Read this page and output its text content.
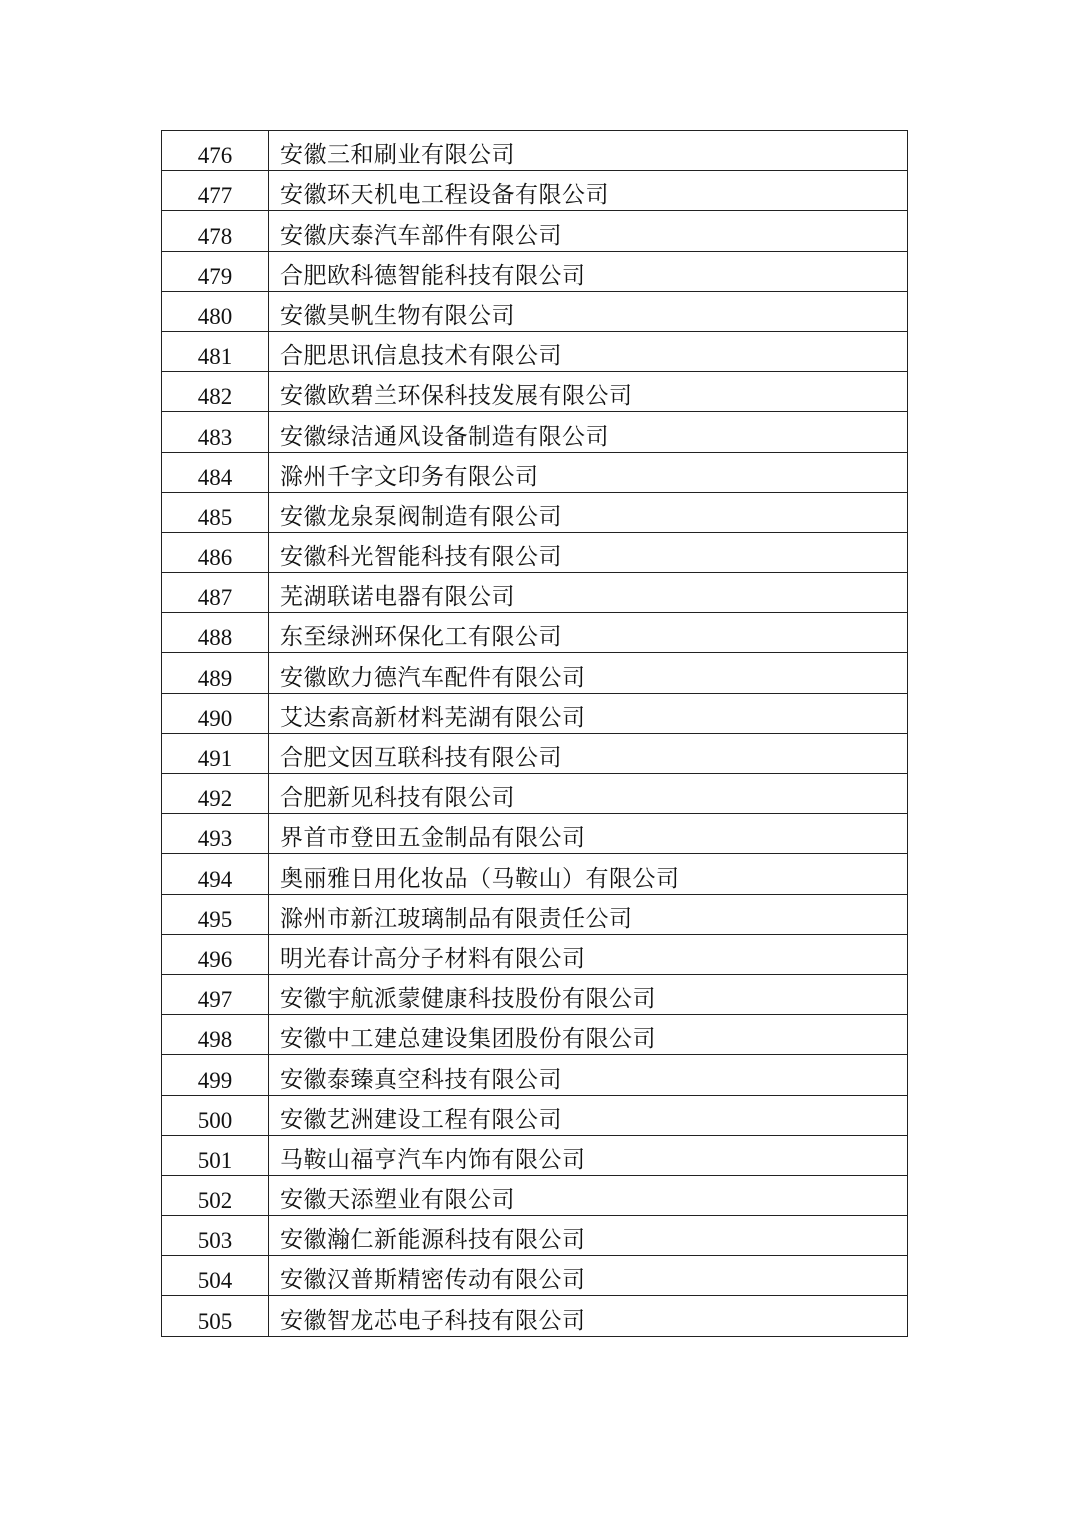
476	安徽三和刷业有限公司
477	安徽环天机电工程设备有限公司
478	安徽庆泰汽车部件有限公司
479	合肥欧科德智能科技有限公司
480	安徽昊帆生物有限公司
481	合肥思讯信息技术有限公司
482	安徽欧碧兰环保科技发展有限公司
483	安徽绿洁通风设备制造有限公司
484	滁州千字文印务有限公司
485	安徽龙泉泵阀制造有限公司
486	安徽科光智能科技有限公司
487	芜湖联诺电器有限公司
488	东至绿洲环保化工有限公司
489	安徽欧力德汽车配件有限公司
490	艾达索高新材料芜湖有限公司
491	合肥文因互联科技有限公司
492	合肥新见科技有限公司
493	界首市登田五金制品有限公司
494	奥丽雅日用化妆品（马鞍山）有限公司
495	滁州市新江玻璃制品有限责任公司
496	明光春计高分子材料有限公司
497	安徽宇航派蒙健康科技股份有限公司
498	安徽中工建总建设集团股份有限公司
499	安徽泰臻真空科技有限公司
500	安徽艺洲建设工程有限公司
501	马鞍山福亨汽车内饰有限公司
502	安徽天添塑业有限公司
503	安徽瀚仁新能源科技有限公司
504	安徽汉普斯精密传动有限公司
505	安徽智龙芯电子科技有限公司
